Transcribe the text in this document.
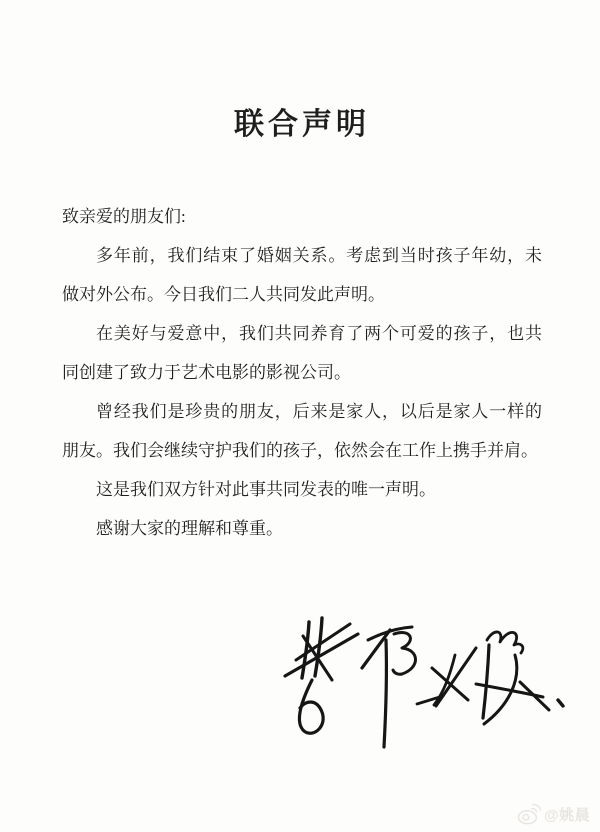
联合声明
致亲爱的朋友们:
多年前，我们结束了婚姻关系。考虑到当时孩子年幼，未
做对外公布。今日我们二人共同发此声明。
在美好与爱意中，我们共同养育了两个可爱的孩子，也共
同创建了致力于艺术电影的影视公司。
曾经我们是珍贵的朋友，后来是家人，以后是家人一样的
朋友。我们会继续守护我们的孩子，依然会在工作上携手并肩。
这是我们双方针对此事共同发表的唯一声明。
感谢大家的理解和尊重。
@姚晨
